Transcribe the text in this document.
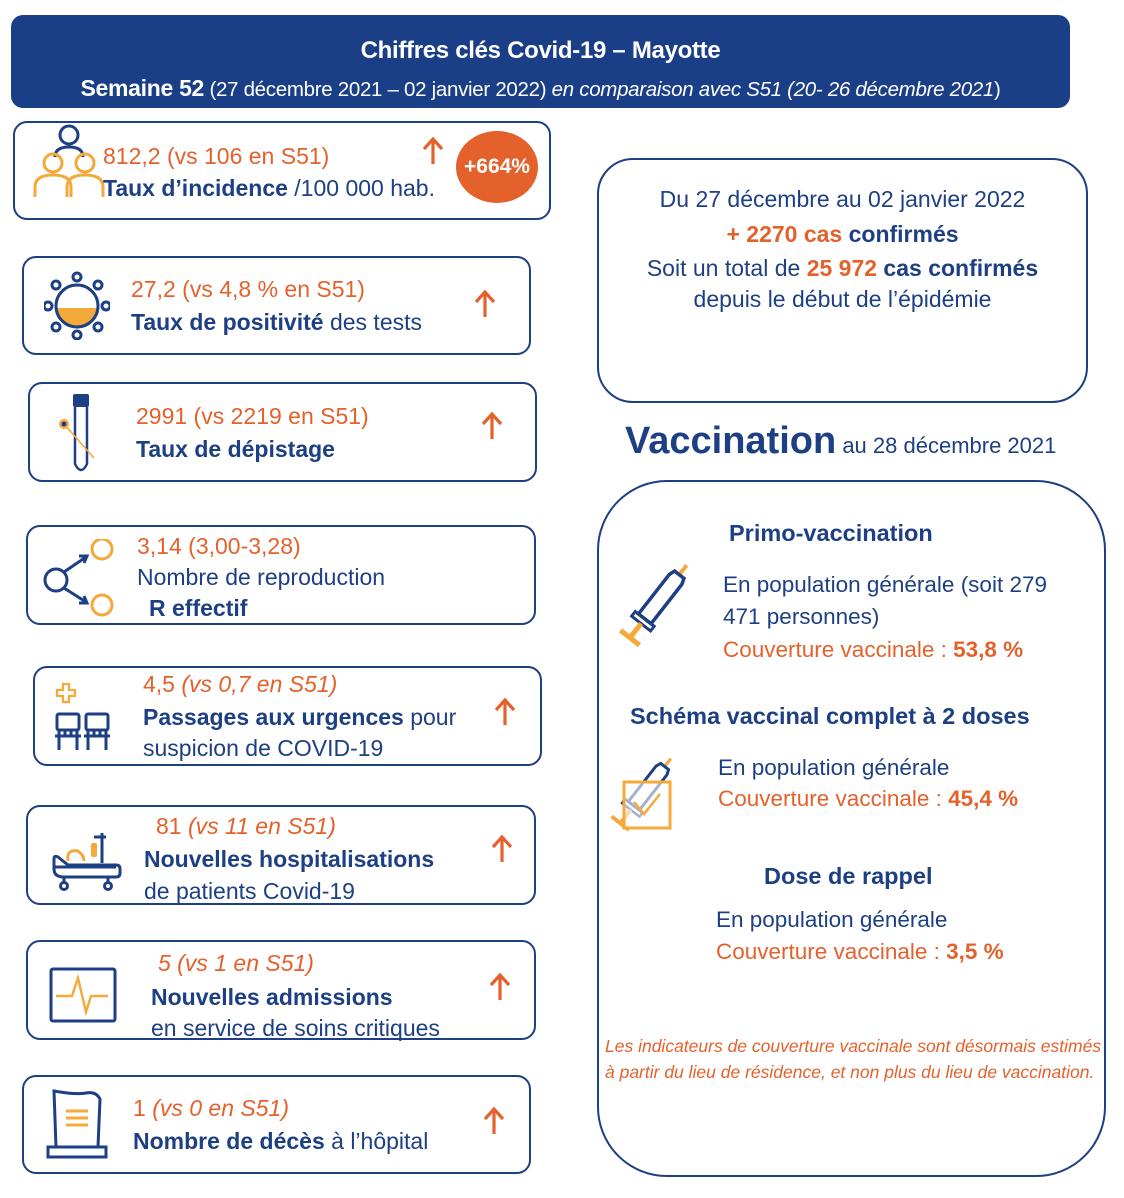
Chiffres clés Covid-19 – Mayotte
Semaine 52 (27 décembre 2021 – 02 janvier 2022) en comparaison avec S51 (20- 26 décembre 2021)
812,2 (vs 106 en S51)
Taux d’incidence /100 000 hab.
+664%
27,2 (vs 4,8 % en S51)
Taux de positivité des tests
2991 (vs 2219 en S51)
Taux de dépistage
3,14 (3,00-3,28)
Nombre de reproduction
R effectif
4,5 (vs 0,7 en S51)
Passages aux urgences pour
suspicion de COVID-19
81 (vs 11 en S51)
Nouvelles hospitalisations
de patients Covid-19
5 (vs 1 en S51)
Nouvelles admissions
en service de soins critiques
1 (vs 0 en S51)
Nombre de décès à l’hôpital
Du 27 décembre au 02 janvier 2022
+ 2270 cas confirmés
Soit un total de 25 972 cas confirmés
depuis le début de l’épidémie
Vaccination au 28 décembre 2021
Primo-vaccination
En population générale (soit 279
471 personnes)
Couverture vaccinale : 53,8 %
Schéma vaccinal complet à 2 doses
En population générale
Couverture vaccinale : 45,4 %
Dose de rappel
En population générale
Couverture vaccinale : 3,5 %
Les indicateurs de couverture vaccinale sont désormais estimés à partir du lieu de résidence, et non plus du lieu de vaccination.
